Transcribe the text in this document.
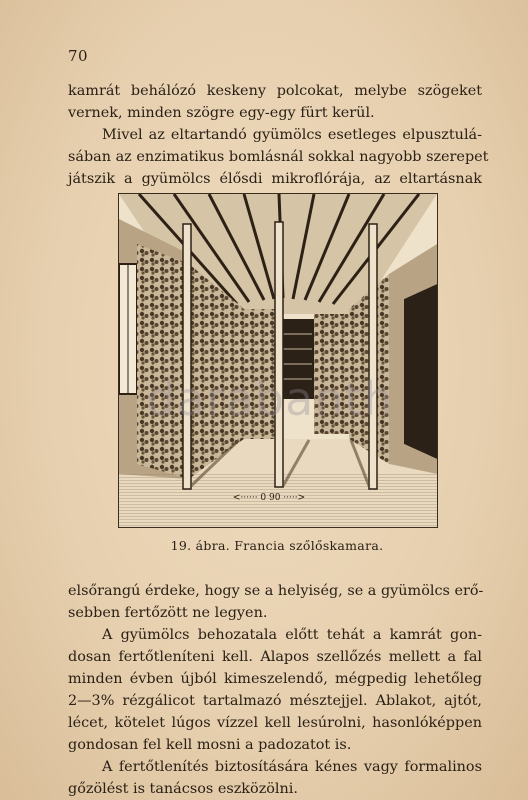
70
kamrát behálózó keskeny polcokat, melybe szögeket
vernek, minden szögre egy-egy fürt kerül.
Mivel az eltartandó gyümölcs esetleges elpusztulá-
sában az enzimatikus bomlásnál sokkal nagyobb szerepet
játszik a gyümölcs élősdi mikroflórája, az eltartásnak
<······ 0 90 ·····>
19. ábra. Francia szőlőskamara.
elsőrangú érdeke, hogy se a helyiség, se a gyümölcs erő-
sebben fertőzött ne legyen.
A gyümölcs behozatala előtt tehát a kamrát gon-
dosan fertőtleníteni kell. Alapos szellőzés mellett a fal
minden évben újból kimeszelendő, mégpedig lehetőleg
2—3% rézgálicot tartalmazó mésztejjel. Ablakot, ajtót,
lécet, kötelet lúgos vízzel kell lesúrolni, hasonlóképpen
gondosan fel kell mosni a padozatot is.
A fertőtlenítés biztosítására kénes vagy formalinos
gőzölést is tanácsos eszközölni.
darabanth
